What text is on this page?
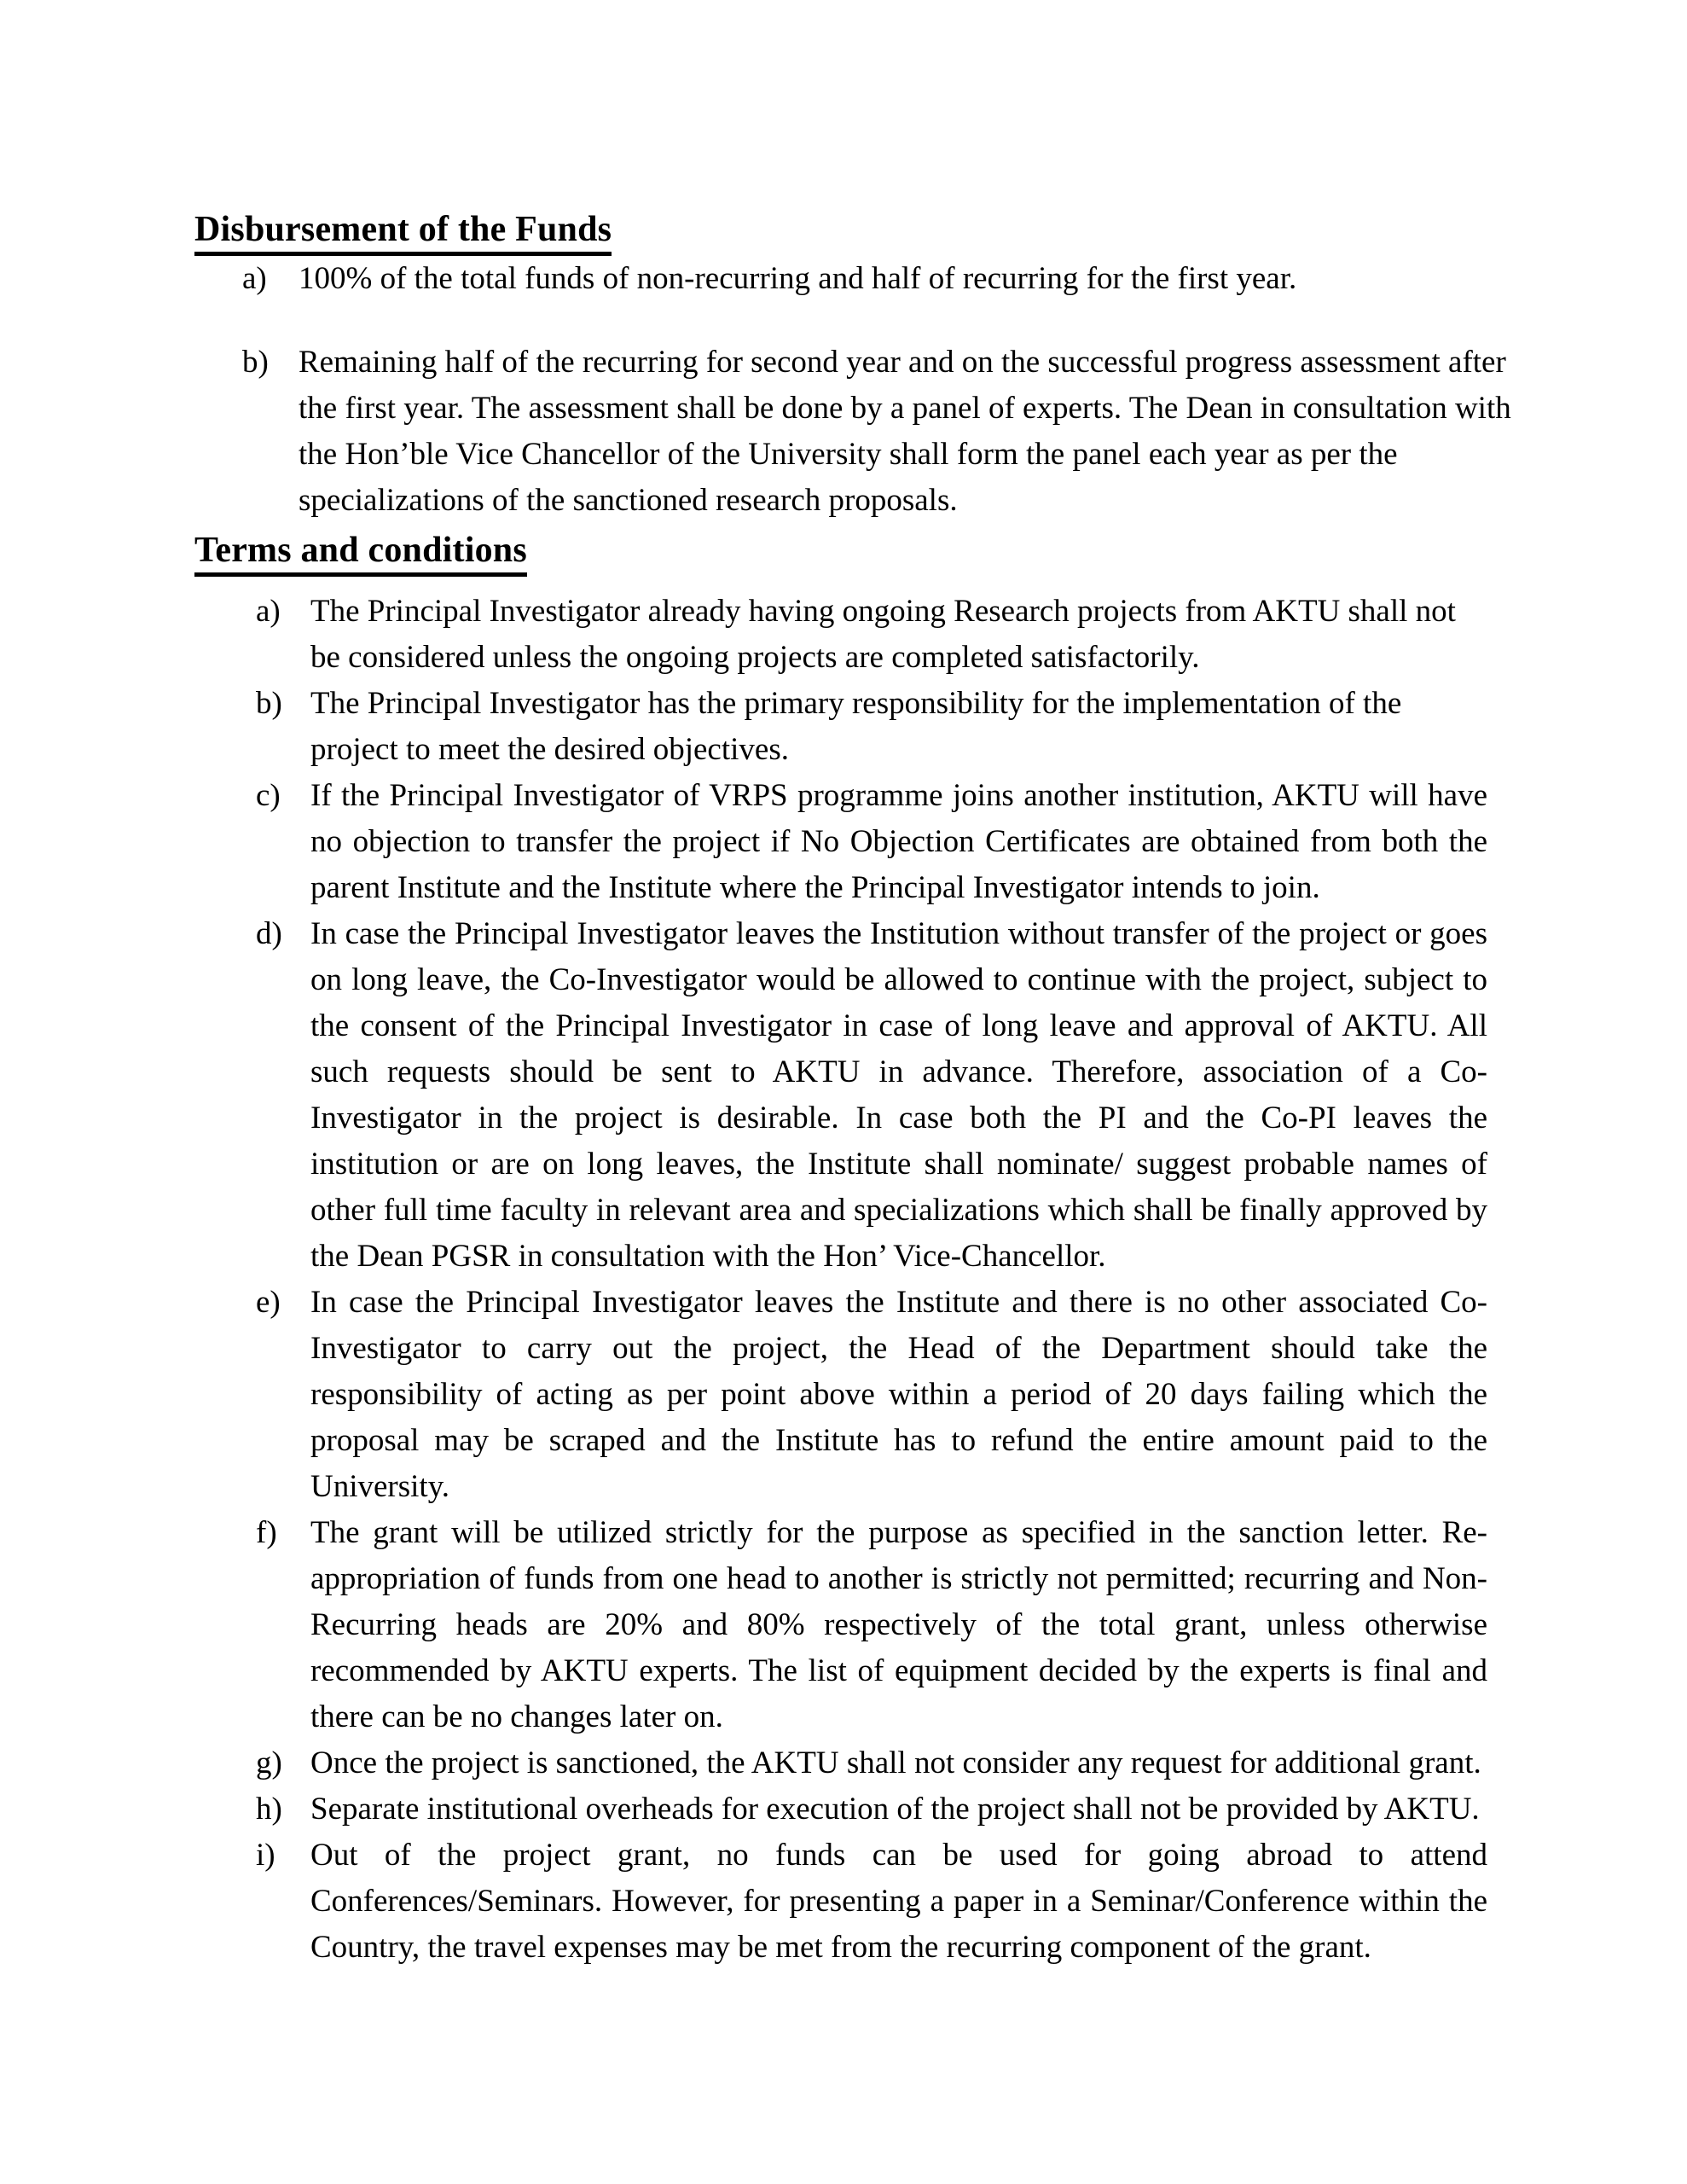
Disbursement of the Funds
a)	100% of the total funds of non-recurring and half of recurring for the first year.
b) Remaining half of the recurring for second year and on the successful progress assessment after the first year. The assessment shall be done by a panel of experts. The Dean in consultation with the Hon’ble Vice Chancellor of the University shall form the panel each year as per the specializations of the sanctioned research proposals.
Terms and conditions
a) The Principal Investigator already having ongoing Research projects from AKTU shall not be considered unless the ongoing projects are completed satisfactorily.
b) The Principal Investigator has the primary responsibility for the implementation of the project to meet the desired objectives.
c) If the Principal Investigator of VRPS programme joins another institution, AKTU will have no objection to transfer the project if No Objection Certificates are obtained from both the parent Institute and the Institute where the Principal Investigator intends to join.
d) In case the Principal Investigator leaves the Institution without transfer of the project or goes on long leave, the Co-Investigator would be allowed to continue with the project, subject to the consent of the Principal Investigator in case of long leave and approval of AKTU. All such requests should be sent to AKTU in advance. Therefore, association of a Co-Investigator in the project is desirable. In case both the PI and the Co-PI leaves the institution or are on long leaves, the Institute shall nominate/ suggest probable names of other full time faculty in relevant area and specializations which shall be finally approved by the Dean PGSR in consultation with the Hon’ Vice-Chancellor.
e) In case the Principal Investigator leaves the Institute and there is no other associated Co-Investigator to carry out the project, the Head of the Department should take the responsibility of acting as per point above within a period of 20 days failing which the proposal may be scraped and the Institute has to refund the entire amount paid to the University.
f)	The grant will be utilized strictly for the purpose as specified in the sanction letter. Re-appropriation of funds from one head to another is strictly not permitted; recurring and Non-Recurring heads are 20% and 80% respectively of the total grant, unless otherwise recommended by AKTU experts. The list of equipment decided by the experts is final and there can be no changes later on.
g) Once the project is sanctioned, the AKTU shall not consider any request for additional grant.
h) Separate institutional overheads for execution of the project shall not be provided by AKTU.
i)	Out of the project grant, no funds can be used for going abroad to attend Conferences/Seminars. However, for presenting a paper in a Seminar/Conference within the Country, the travel expenses may be met from the recurring component of the grant.
